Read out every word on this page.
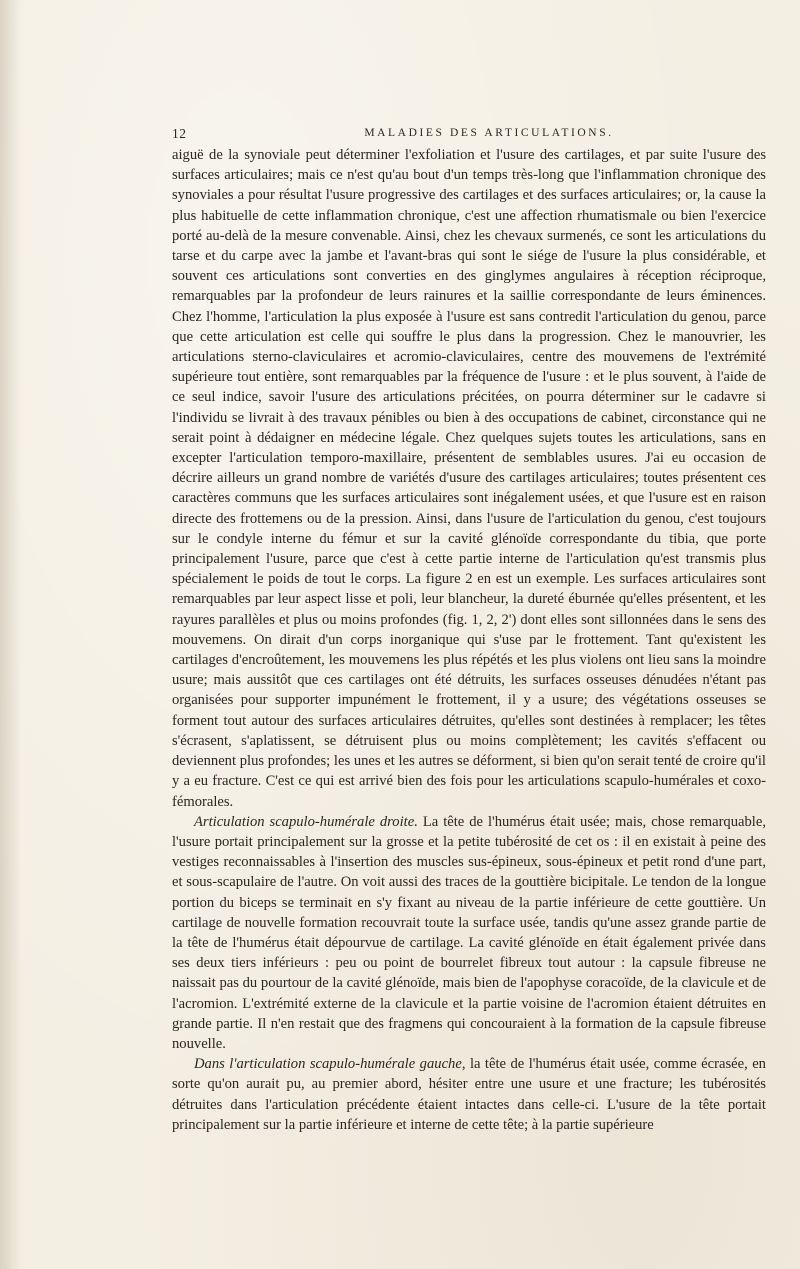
12	MALADIES DES ARTICULATIONS.

aiguë de la synoviale peut déterminer l'exfoliation et l'usure des cartilages, et par suite l'usure des surfaces articulaires; mais ce n'est qu'au bout d'un temps très-long que l'inflammation chronique des synoviales a pour résultat l'usure progressive des cartilages et des surfaces articulaires; or, la cause la plus habituelle de cette inflammation chronique, c'est une affection rhumatismale ou bien l'exercice porté au-delà de la mesure convenable. Ainsi, chez les chevaux surmenés, ce sont les articulations du tarse et du carpe avec la jambe et l'avant-bras qui sont le siége de l'usure la plus considérable, et souvent ces articulations sont converties en des ginglymes angulaires à réception réciproque, remarquables par la profondeur de leurs rainures et la saillie correspondante de leurs éminences. Chez l'homme, l'articulation la plus exposée à l'usure est sans contredit l'articulation du genou, parce que cette articulation est celle qui souffre le plus dans la progression. Chez le manouvrier, les articulations sterno-claviculaires et acromio-claviculaires, centre des mouvemens de l'extrémité supérieure tout entière, sont remarquables par la fréquence de l'usure : et le plus souvent, à l'aide de ce seul indice, savoir l'usure des articulations précitées, on pourra déterminer sur le cadavre si l'individu se livrait à des travaux pénibles ou bien à des occupations de cabinet, circonstance qui ne serait point à dédaigner en médecine légale. Chez quelques sujets toutes les articulations, sans en excepter l'articulation temporo-maxillaire, présentent de semblables usures. J'ai eu occasion de décrire ailleurs un grand nombre de variétés d'usure des cartilages articulaires; toutes présentent ces caractères communs que les surfaces articulaires sont inégalement usées, et que l'usure est en raison directe des frottemens ou de la pression. Ainsi, dans l'usure de l'articulation du genou, c'est toujours sur le condyle interne du fémur et sur la cavité glénoïde correspondante du tibia, que porte principalement l'usure, parce que c'est à cette partie interne de l'articulation qu'est transmis plus spécialement le poids de tout le corps. La figure 2 en est un exemple. Les surfaces articulaires sont remarquables par leur aspect lisse et poli, leur blancheur, la dureté éburnée qu'elles présentent, et les rayures parallèles et plus ou moins profondes (fig. 1, 2, 2') dont elles sont sillonnées dans le sens des mouvemens. On dirait d'un corps inorganique qui s'use par le frottement. Tant qu'existent les cartilages d'encroûtement, les mouvemens les plus répétés et les plus violens ont lieu sans la moindre usure; mais aussitôt que ces cartilages ont été détruits, les surfaces osseuses dénudées n'étant pas organisées pour supporter impunément le frottement, il y a usure; des végétations osseuses se forment tout autour des surfaces articulaires détruites, qu'elles sont destinées à remplacer; les têtes s'écrasent, s'aplatissent, se détruisent plus ou moins complètement; les cavités s'effacent ou deviennent plus profondes; les unes et les autres se déforment, si bien qu'on serait tenté de croire qu'il y a eu fracture. C'est ce qui est arrivé bien des fois pour les articulations scapulo-humérales et coxo-fémorales.

Articulation scapulo-humérale droite. La tête de l'humérus était usée; mais, chose remarquable, l'usure portait principalement sur la grosse et la petite tubérosité de cet os : il en existait à peine des vestiges reconnaissables à l'insertion des muscles sus-épineux, sous-épineux et petit rond d'une part, et sous-scapulaire de l'autre. On voit aussi des traces de la gouttière bicipitale. Le tendon de la longue portion du biceps se terminait en s'y fixant au niveau de la partie inférieure de cette gouttière. Un cartilage de nouvelle formation recouvrait toute la surface usée, tandis qu'une assez grande partie de la tête de l'humérus était dépourvue de cartilage. La cavité glénoïde en était également privée dans ses deux tiers inférieurs : peu ou point de bourrelet fibreux tout autour : la capsule fibreuse ne naissait pas du pourtour de la cavité glénoïde, mais bien de l'apophyse coracoïde, de la clavicule et de l'acromion. L'extrémité externe de la clavicule et la partie voisine de l'acromion étaient détruites en grande partie. Il n'en restait que des fragmens qui concouraient à la formation de la capsule fibreuse nouvelle.

Dans l'articulation scapulo-humérale gauche, la tête de l'humérus était usée, comme écrasée, en sorte qu'on aurait pu, au premier abord, hésiter entre une usure et une fracture; les tubérosités détruites dans l'articulation précédente étaient intactes dans celle-ci. L'usure de la tête portait principalement sur la partie inférieure et interne de cette tête; à la partie supérieure
